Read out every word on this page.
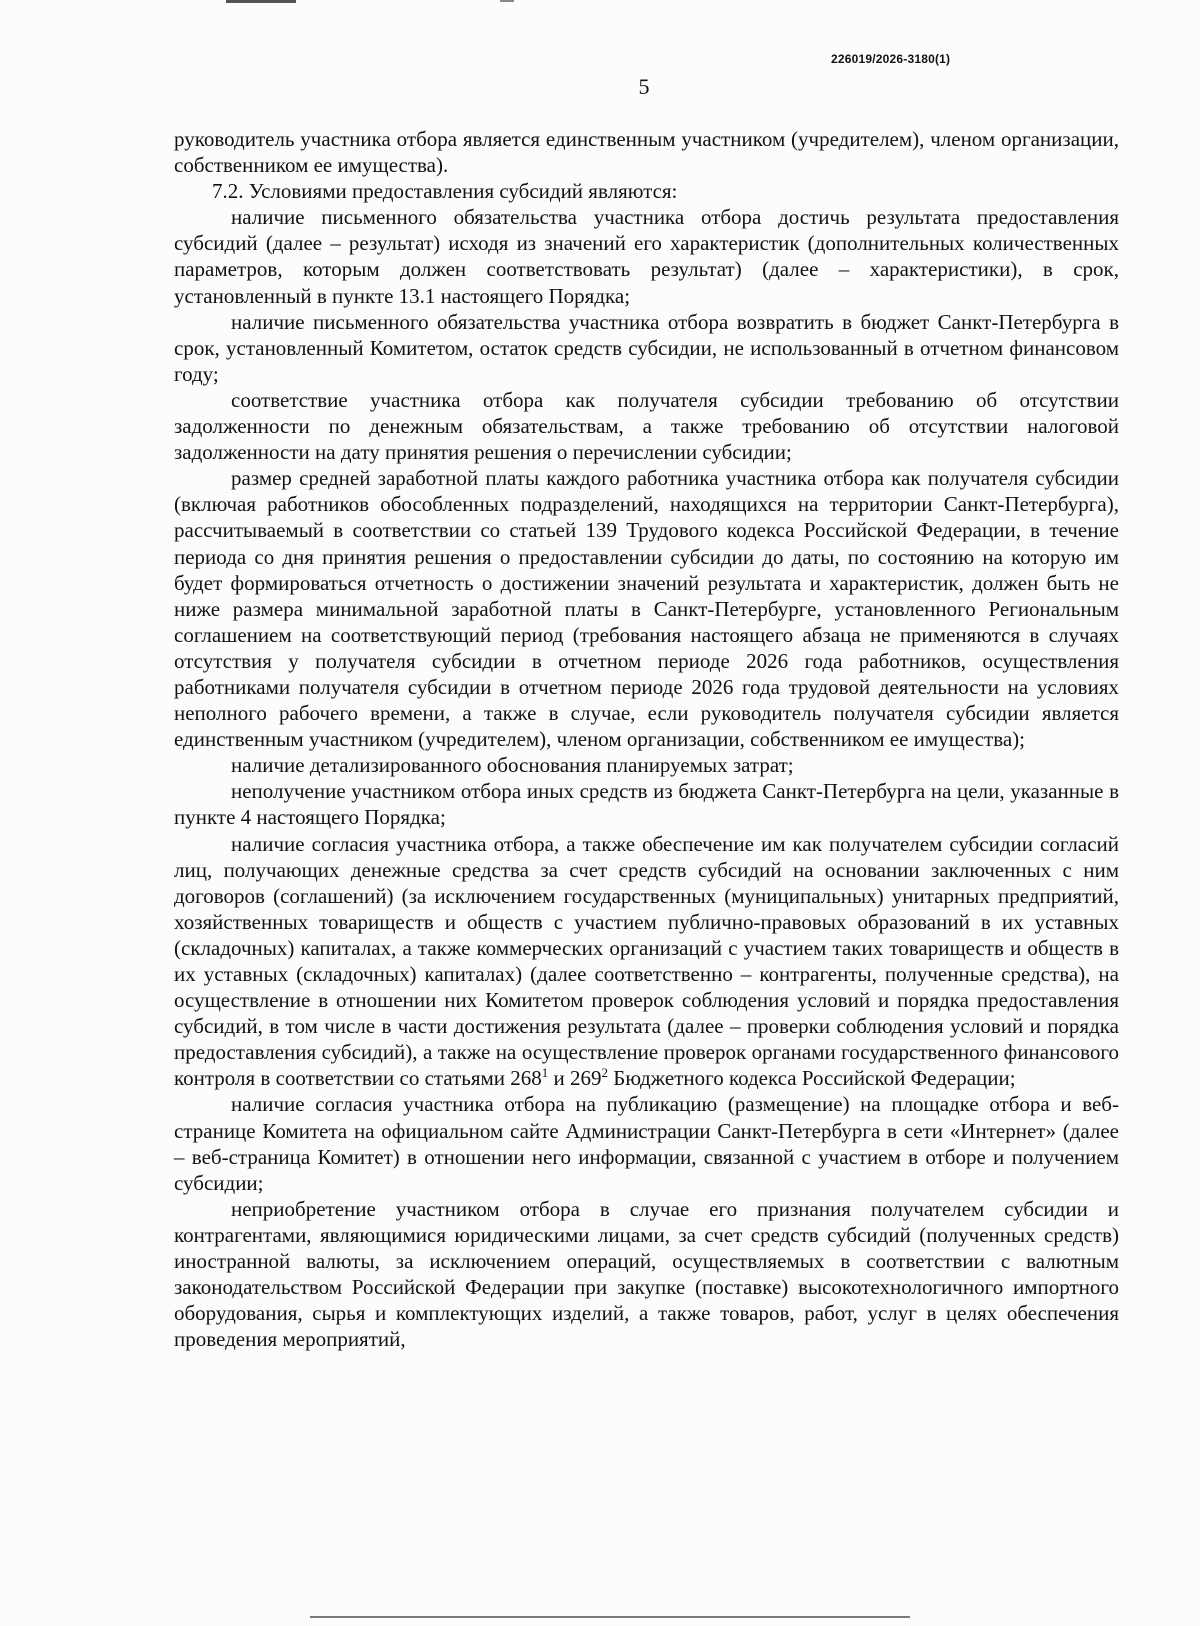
226019/2026-3180(1)
5

руководитель участника отбора является единственным участником (учредителем), членом организации, собственником ее имущества).

7.2. Условиями предоставления субсидий являются:

наличие письменного обязательства участника отбора достичь результата предоставления субсидий (далее – результат) исходя из значений его характеристик (дополнительных количественных параметров, которым должен соответствовать результат) (далее – характеристики), в срок, установленный в пункте 13.1 настоящего Порядка;

наличие письменного обязательства участника отбора возвратить в бюджет Санкт-Петербурга в срок, установленный Комитетом, остаток средств субсидии, не использованный в отчетном финансовом году;

соответствие участника отбора как получателя субсидии требованию об отсутствии задолженности по денежным обязательствам, а также требованию об отсутствии налоговой задолженности на дату принятия решения о перечислении субсидии;

размер средней заработной платы каждого работника участника отбора как получателя субсидии (включая работников обособленных подразделений, находящихся на территории Санкт-Петербурга), рассчитываемый в соответствии со статьей 139 Трудового кодекса Российской Федерации, в течение периода со дня принятия решения о предоставлении субсидии до даты, по состоянию на которую им будет формироваться отчетность о достижении значений результата и характеристик, должен быть не ниже размера минимальной заработной платы в Санкт-Петербурге, установленного Региональным соглашением на соответствующий период (требования настоящего абзаца не применяются в случаях отсутствия у получателя субсидии в отчетном периоде 2026 года работников, осуществления работниками получателя субсидии в отчетном периоде 2026 года трудовой деятельности на условиях неполного рабочего времени, а также в случае, если руководитель получателя субсидии является единственным участником (учредителем), членом организации, собственником ее имущества);

наличие детализированного обоснования планируемых затрат;

неполучение участником отбора иных средств из бюджета Санкт-Петербурга на цели, указанные в пункте 4 настоящего Порядка;

наличие согласия участника отбора, а также обеспечение им как получателем субсидии согласий лиц, получающих денежные средства за счет средств субсидий на основании заключенных с ним договоров (соглашений) (за исключением государственных (муниципальных) унитарных предприятий, хозяйственных товариществ и обществ с участием публично-правовых образований в их уставных (складочных) капиталах, а также коммерческих организаций с участием таких товариществ и обществ в их уставных (складочных) капиталах) (далее соответственно – контрагенты, полученные средства), на осуществление в отношении них Комитетом проверок соблюдения условий и порядка предоставления субсидий, в том числе в части достижения результата (далее – проверки соблюдения условий и порядка предоставления субсидий), а также на осуществление проверок органами государственного финансового контроля в соответствии со статьями $268^1$ и $269^2$ Бюджетного кодекса Российской Федерации;

наличие согласия участника отбора на публикацию (размещение) на площадке отбора и веб-странице Комитета на официальном сайте Администрации Санкт-Петербурга в сети «Интернет» (далее – веб-страница Комитет) в отношении него информации, связанной с участием в отборе и получением субсидии;

неприобретение участником отбора в случае его признания получателем субсидии и контрагентами, являющимися юридическими лицами, за счет средств субсидий (полученных средств) иностранной валюты, за исключением операций, осуществляемых в соответствии с валютным законодательством Российской Федерации при закупке (поставке) высокотехнологичного импортного оборудования, сырья и комплектующих изделий, а также товаров, работ, услуг в целях обеспечения проведения мероприятий,
